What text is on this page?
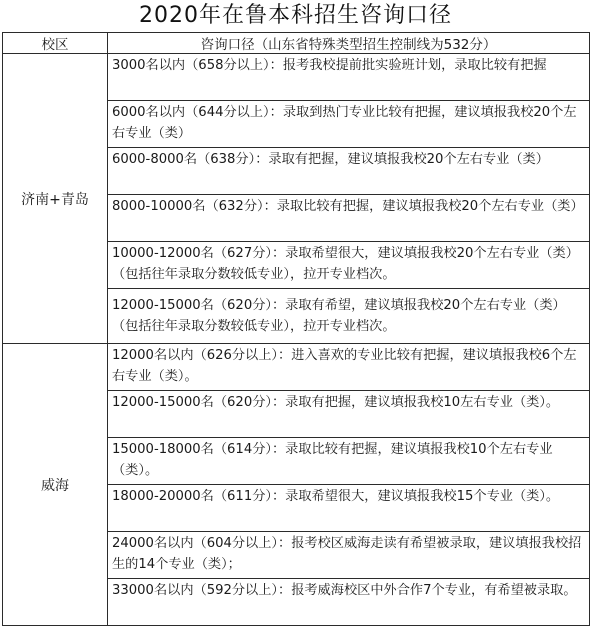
2020年在鲁本科招生咨询口径
校区	咨询口径（山东省特殊类型招生控制线为532分）
济南+青岛	3000名以内（658分以上）：报考我校提前批实验班计划，录取比较有把握
	6000名以内（644分以上）：录取到热门专业比较有把握，建议填报我校20个左右专业（类）
	6000-8000名（638分）：录取有把握，建议填报我校20个左右专业（类）
	8000-10000名（632分）：录取比较有把握，建议填报我校20个左右专业（类）
	10000-12000名（627分）：录取希望很大，建议填报我校20个左右专业（类）（包括往年录取分数较低专业），拉开专业档次。
	12000-15000名（620分）：录取有希望，建议填报我校20个左右专业（类）（包括往年录取分数较低专业），拉开专业档次。
威海	12000名以内（626分以上）：进入喜欢的专业比较有把握，建议填报我校6个左右专业（类）。
	12000-15000名（620分）：录取有把握，建议填报我校10左右专业（类）。
	15000-18000名（614分）：录取比较有把握，建议填报我校10个左右专业（类）。
	18000-20000名（611分）：录取希望很大，建议填报我校15个专业（类）。
	24000名以内（604分以上）：报考校区威海走读有希望被录取，建议填报我校招生的14个专业（类）；
	33000名以内（592分以上）：报考威海校区中外合作7个专业，有希望被录取。
